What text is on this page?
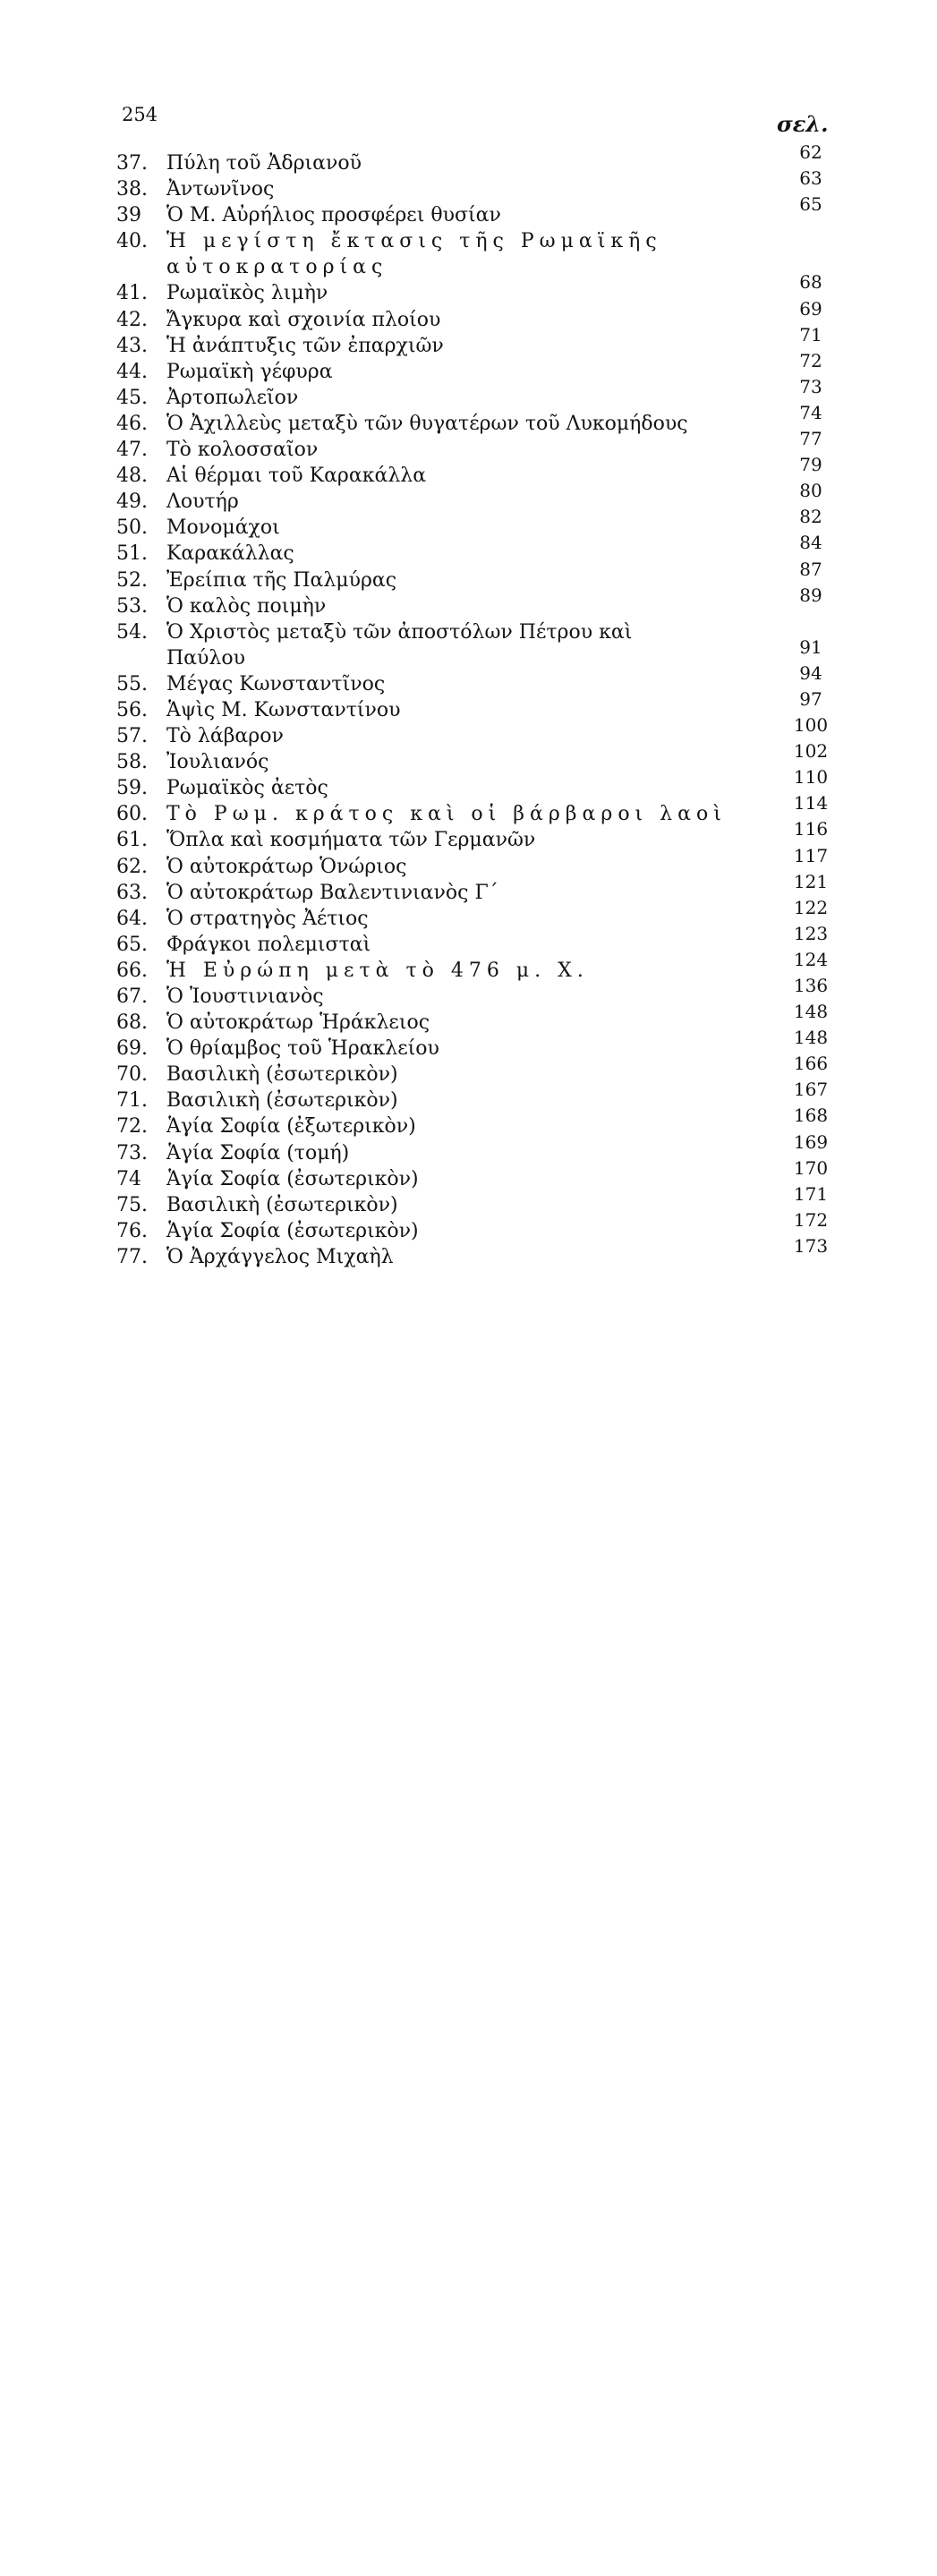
254	σελ.
37. Πύλη τοῦ Ἀδριανοῦ	62
38. Ἀντωνῖνος	63
39	Ὁ Μ. Αὐρήλιος προσφέρει θυσίαν	65
40. Ἡ μεγίστη ἔκτασις τῆς Ρωμαϊκῆς
αὐτοκρατορίας
41. Ρωμαϊκὸς λιμὴν	68
42. Ἄγκυρα καὶ σχοινία πλοίου	69
43. Ἡ ἀνάπτυξις τῶν ἐπαρχιῶν	71
44. Ρωμαϊκὴ γέφυρα	72
45. Ἀρτοπωλεῖον	73
46. Ὁ Ἀχιλλεὺς μεταξὺ τῶν θυγατέρων τοῦ Λυκομήδους	74
47. Τὸ κολοσσαῖον	77
48. Αἱ θέρμαι τοῦ Καρακάλλα	79
49. Λουτήρ	80
50. Μονομάχοι	82
51. Καρακάλλας	84
52. Ἐρείπια τῆς Παλμύρας	87
53. Ὁ καλὸς ποιμὴν	89
54. Ὁ Χριστὸς μεταξὺ τῶν ἀποστόλων Πέτρου καὶ
Παύλου	91
55. Μέγας Κωνσταντῖνος	94
56. Ἁψὶς Μ. Κωνσταντίνου	97
57. Τὸ λάβαρον	100
58. Ἰουλιανός	102
59. Ρωμαϊκὸς ἀετὸς	110
60. Τὸ Ρωμ. κράτος καὶ οἱ βάρβαροι λαοὶ	114
61. Ὅπλα καὶ κοσμήματα τῶν Γερμανῶν	116
62. Ὁ αὐτοκράτωρ Ὁνώριος	117
63. Ὁ αὐτοκράτωρ Βαλεντινιανὸς Γ΄	121
64. Ὁ στρατηγὸς Ἀέτιος	122
65. Φράγκοι πολεμισταὶ	123
66. Ἡ Εὐρώπη μετὰ τὸ 476 μ. Χ.	124
67. Ὁ Ἰουστινιανὸς	136
68. Ὁ αὐτοκράτωρ Ἡράκλειος	148
69. Ὁ θρίαμβος τοῦ Ἡρακλείου	148
70. Βασιλικὴ (ἐσωτερικὸν)	166
71. Βασιλικὴ (ἐσωτερικὸν)	167
72. Ἁγία Σοφία (ἐξωτερικὸν)	168
73. Ἁγία Σοφία (τομή)	169
74	Ἁγία Σοφία (ἐσωτερικὸν)	170
75. Βασιλικὴ (ἐσωτερικὸν)	171
76. Ἁγία Σοφία (ἐσωτερικὸν)	172
77. Ὁ Ἀρχάγγελος Μιχαὴλ	173
